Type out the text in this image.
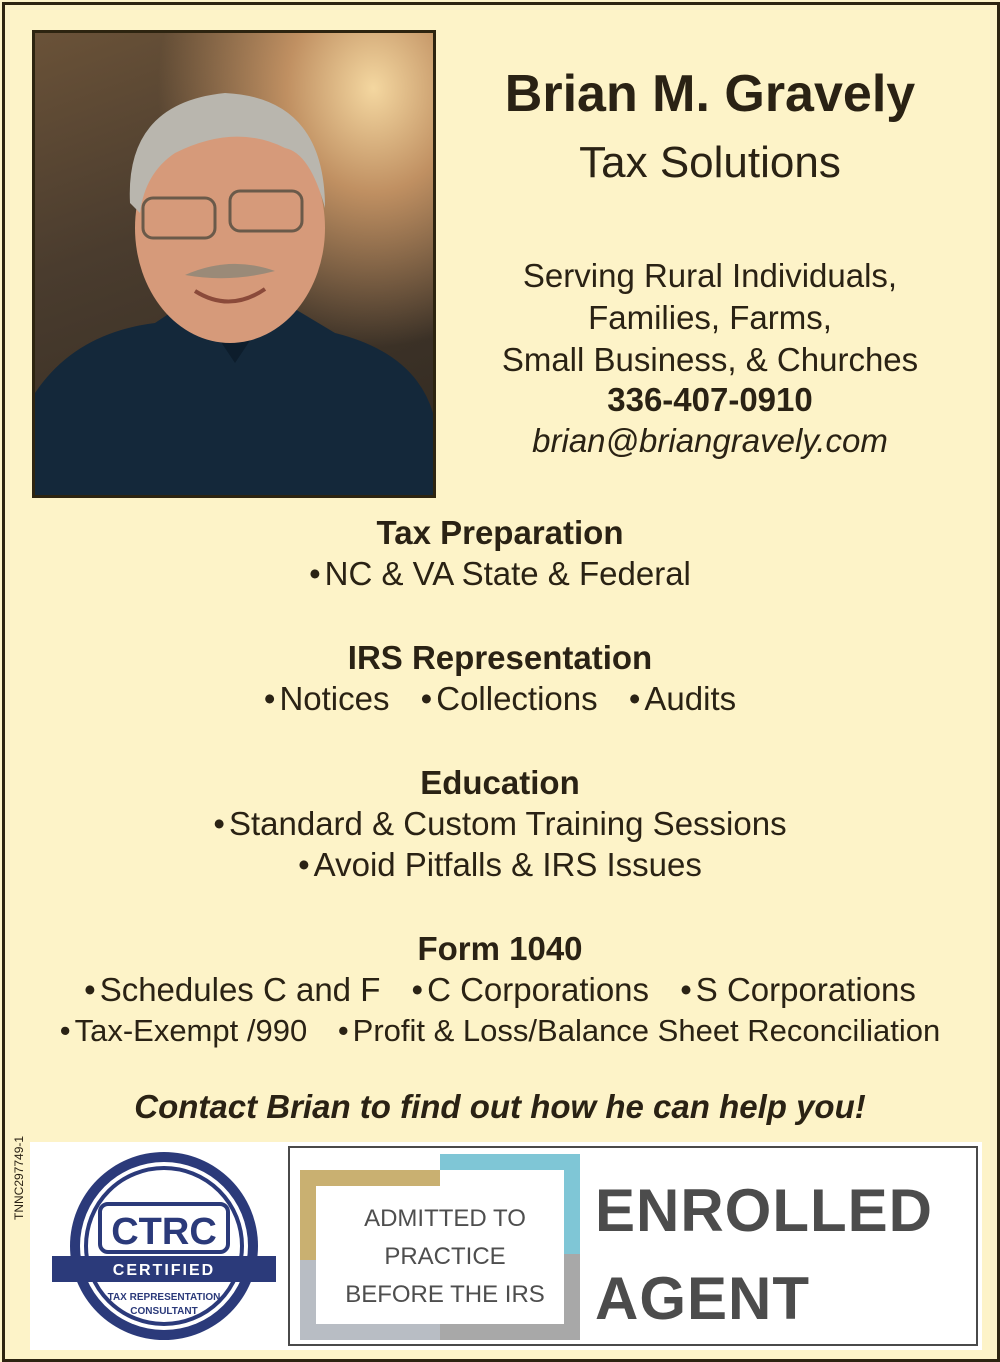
Brian M. Gravely
Tax Solutions
Serving Rural Individuals,
Families, Farms,
Small Business, & Churches
336-407-0910
brian@briangravely.com
Tax Preparation
• NC & VA State & Federal
IRS Representation
• Notices • Collections • Audits
Education
• Standard & Custom Training Sessions
• Avoid Pitfalls & IRS Issues
Form 1040
• Schedules C and F • C Corporations • S Corporations
• Tax-Exempt /990 • Profit & Loss/Balance Sheet Reconciliation
Contact Brian to find out how he can help you!
TNNC297749-1
CTRC
CERTIFIED
TAX REPRESENTATION
CONSULTANT
ADMITTED TO
PRACTICE
BEFORE THE IRS
ENROLLED
AGENT
